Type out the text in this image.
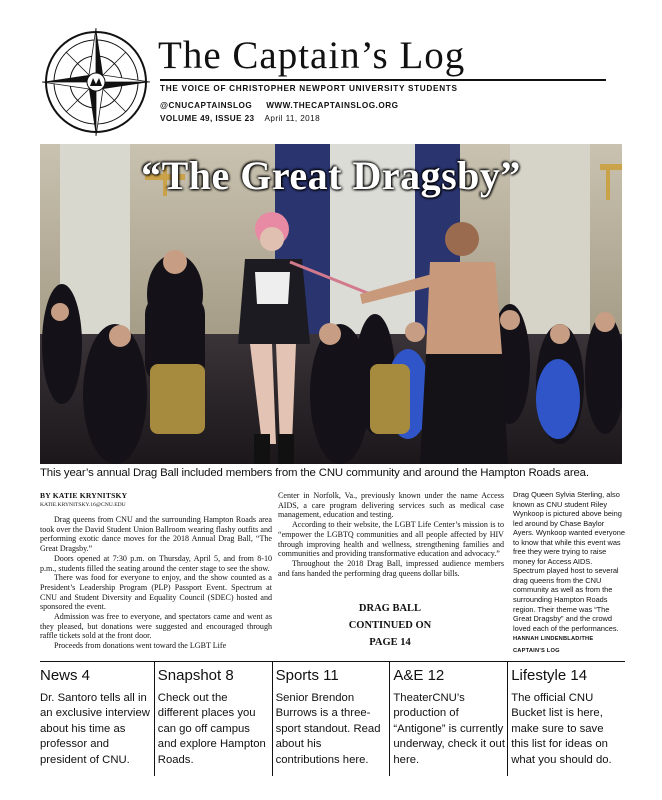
The Captain’s Log
THE VOICE OF CHRISTOPHER NEWPORT UNIVERSITY STUDENTS
@CNUCAPTAINSLOG WWW.THECAPTAINSLOG.ORG
VOLUME 49, ISSUE 23 April 11, 2018
“The Great Dragsby”
This year’s annual Drag Ball included members from the CNU community and around the Hampton Roads area.
BY KATIE KRYNITSKY
KATIE.KRYNITSKY.16@CNU.EDU

Drag queens from CNU and the surrounding Hampton Roads area took over the David Student Union Ballroom wearing flashy outfits and performing exotic dance moves for the 2018 Annual Drag Ball, “The Great Dragsby.”

Doors opened at 7:30 p.m. on Thursday, April 5, and from 8-10 p.m., students filled the seating around the center stage to see the show.

There was food for everyone to enjoy, and the show counted as a President’s Leadership Program (PLP) Passport Event. Spectrum at CNU and Student Diversity and Equality Council (SDEC) hosted and sponsored the event.

Admission was free to everyone, and spectators came and went as they pleased, but donations were suggested and encouraged through raffle tickets sold at the front door.

Proceeds from donations went toward the LGBT Life

Center in Norfolk, Va., previously known under the name Access AIDS, a care program delivering services such as medical case management, education and testing.

According to their website, the LGBT Life Center’s mission is to “empower the LGBTQ communities and all people affected by HIV through improving health and wellness, strengthening families and communities and providing transformative education and advocacy.”

Throughout the 2018 Drag Ball, impressed audience members and fans handed the performing drag queens dollar bills.

DRAG BALL
CONTINUED ON
PAGE 14
Drag Queen Sylvia Sterling, also known as CNU student Riley Wynkoop is pictured above being led around by Chase Baylor Ayers. Wynkoop wanted everyone to know that while this event was free they were trying to raise money for Access AIDS. Spectrum played host to several drag queens from the CNU community as well as from the surrounding Hampton Roads region. Their theme was “The Great Dragsby” and the crowd loved each of the performances. HANNAH LINDENBLAD/THE CAPTAIN’S LOG
News 4
Dr. Santoro tells all in an exclusive interview about his time as professor and president of CNU.
Snapshot 8
Check out the different places you can go off campus and explore Hampton Roads.
Sports 11
Senior Brendon Burrows is a three-sport standout. Read about his contributions here.
A&E 12
TheaterCNU’s production of “Antigone” is currently underway, check it out here.
Lifestyle 14
The official CNU Bucket list is here, make sure to save this list for ideas on what you should do.
